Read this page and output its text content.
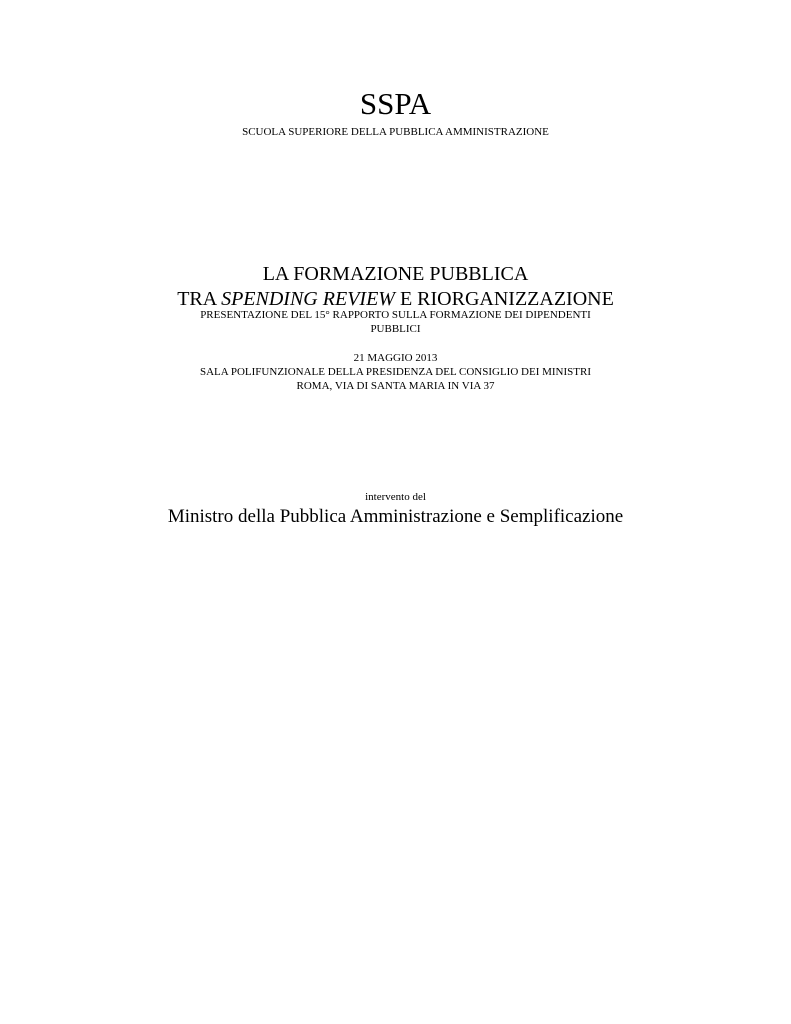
SSPA

SCUOLA SUPERIORE DELLA PUBBLICA AMMINISTRAZIONE

LA FORMAZIONE PUBBLICA

TRA SPENDING REVIEW E RIORGANIZZAZIONE

PRESENTAZIONE DEL 15° RAPPORTO SULLA FORMAZIONE DEI DIPENDENTI

PUBBLICI

21 MAGGIO 2013

SALA POLIFUNZIONALE DELLA PRESIDENZA DEL CONSIGLIO DEI MINISTRI

ROMA, VIA DI SANTA MARIA IN VIA 37

intervento del

Ministro della Pubblica Amministrazione e Semplificazione
